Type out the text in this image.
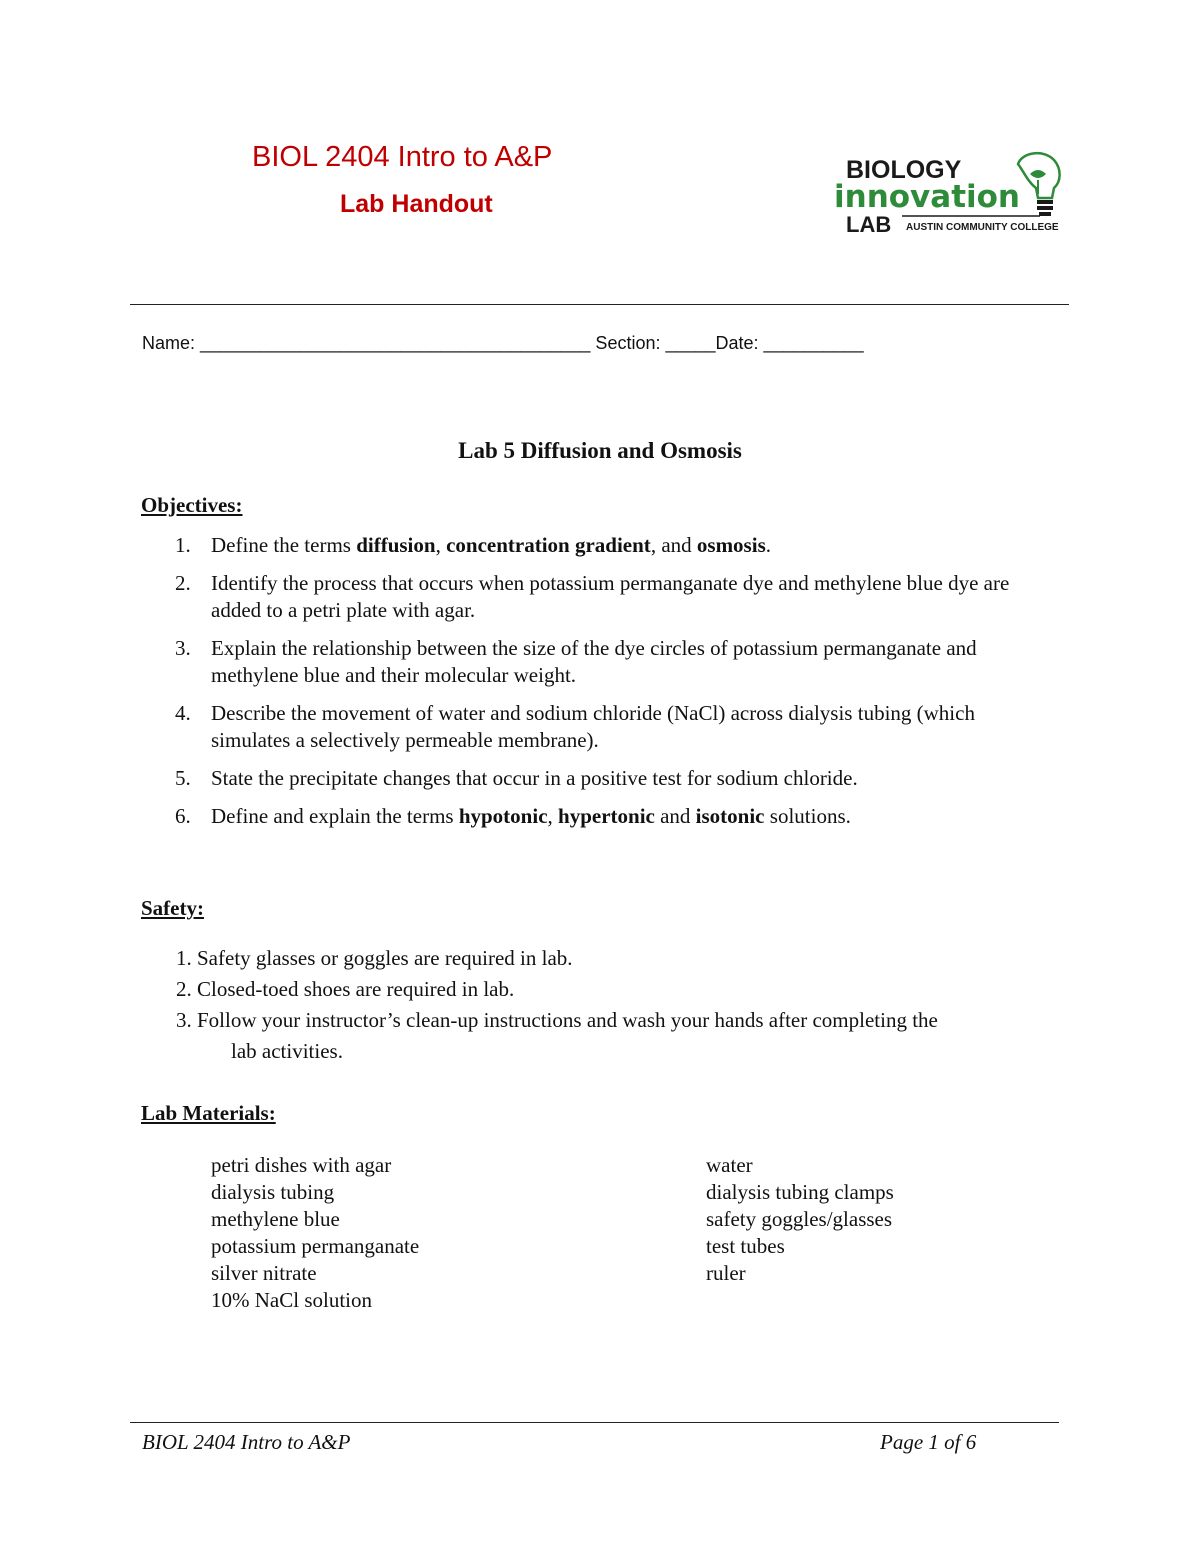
BIOL 2404 Intro to A&P
Lab Handout
BIOLOGY
innovation
LAB AUSTIN COMMUNITY COLLEGE
Name: _______________________________________ Section: _____Date: __________
Lab 5 Diffusion and Osmosis
Objectives:
1. Define the terms diffusion, concentration gradient, and osmosis.
2. Identify the process that occurs when potassium permanganate dye and methylene blue dye are added to a petri plate with agar.
3. Explain the relationship between the size of the dye circles of potassium permanganate and methylene blue and their molecular weight.
4. Describe the movement of water and sodium chloride (NaCl) across dialysis tubing (which simulates a selectively permeable membrane).
5. State the precipitate changes that occur in a positive test for sodium chloride.
6. Define and explain the terms hypotonic, hypertonic and isotonic solutions.
Safety:
1. Safety glasses or goggles are required in lab.
2. Closed-toed shoes are required in lab.
3. Follow your instructor’s clean-up instructions and wash your hands after completing the
lab activities.
Lab Materials:
petri dishes with agar
dialysis tubing
methylene blue
potassium permanganate
silver nitrate
10% NaCl solution
water
dialysis tubing clamps
safety goggles/glasses
test tubes
ruler
BIOL 2404 Intro to A&P	Page 1 of 6
